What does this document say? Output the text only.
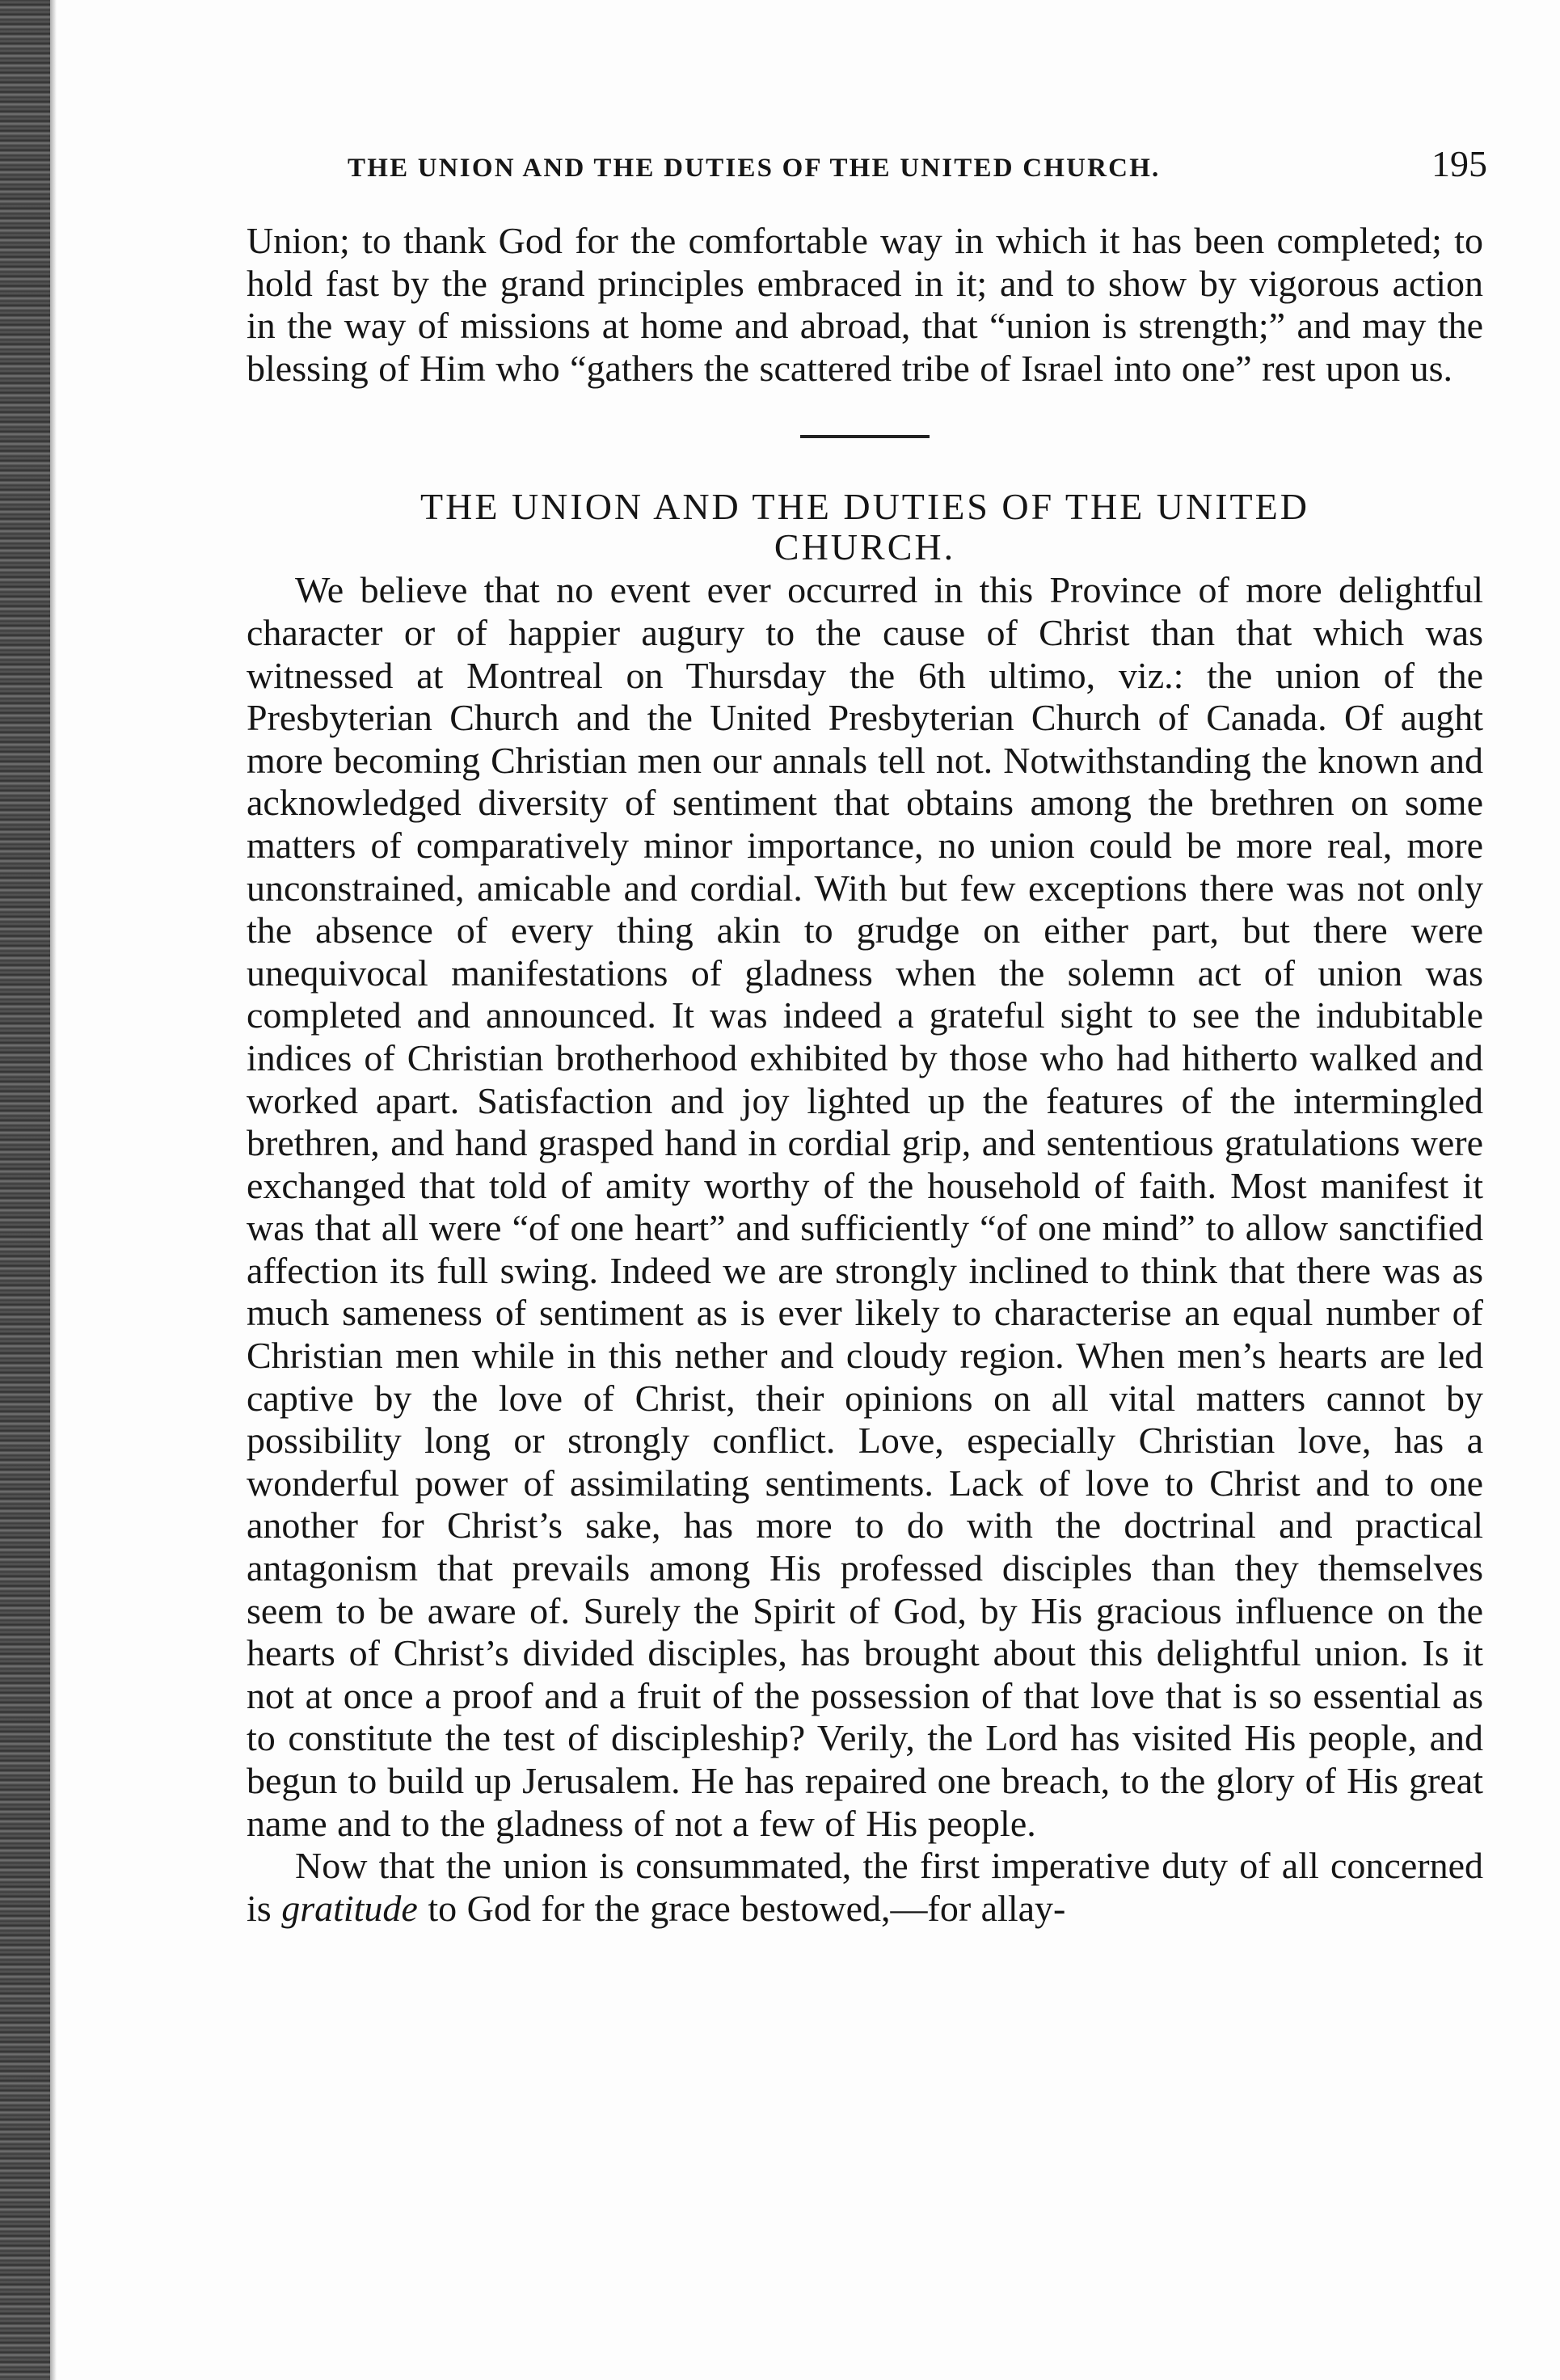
THE UNION AND THE DUTIES OF THE UNITED CHURCH.	195

Union; to thank God for the comfortable way in which it has been completed; to hold fast by the grand principles embraced in it; and to show by vigorous action in the way of missions at home and abroad, that “union is strength;” and may the blessing of Him who “gathers the scattered tribe of Israel into one” rest upon us.

THE UNION AND THE DUTIES OF THE UNITED
CHURCH.

We believe that no event ever occurred in this Province of more delightful character or of happier augury to the cause of Christ than that which was witnessed at Montreal on Thursday the 6th ultimo, viz.: the union of the Presbyterian Church and the United Presbyterian Church of Canada. Of aught more becoming Christian men our annals tell not. Notwithstanding the known and acknowledged diversity of sentiment that obtains among the brethren on some matters of comparatively minor importance, no union could be more real, more unconstrained, amicable and cordial. With but few exceptions there was not only the absence of every thing akin to grudge on either part, but there were unequivocal manifestations of gladness when the solemn act of union was completed and announced. It was indeed a grateful sight to see the indubitable indices of Christian brotherhood exhibited by those who had hitherto walked and worked apart. Satisfaction and joy lighted up the features of the intermingled brethren, and hand grasped hand in cordial grip, and sententious gratulations were exchanged that told of amity worthy of the household of faith. Most manifest it was that all were “of one heart” and sufficiently “of one mind” to allow sanctified affection its full swing. Indeed we are strongly inclined to think that there was as much sameness of sentiment as is ever likely to characterise an equal number of Christian men while in this nether and cloudy region. When men’s hearts are led captive by the love of Christ, their opinions on all vital matters cannot by possibility long or strongly conflict. Love, especially Christian love, has a wonderful power of assimilating sentiments. Lack of love to Christ and to one another for Christ’s sake, has more to do with the doctrinal and practical antagonism that prevails among His professed disciples than they themselves seem to be aware of. Surely the Spirit of God, by His gracious influence on the hearts of Christ’s divided disciples, has brought about this delightful union. Is it not at once a proof and a fruit of the possession of that love that is so essential as to constitute the test of discipleship? Verily, the Lord has visited His people, and begun to build up Jerusalem. He has repaired one breach, to the glory of His great name and to the gladness of not a few of His people.

Now that the union is consummated, the first imperative duty of all concerned is gratitude to God for the grace bestowed,—for allay-
